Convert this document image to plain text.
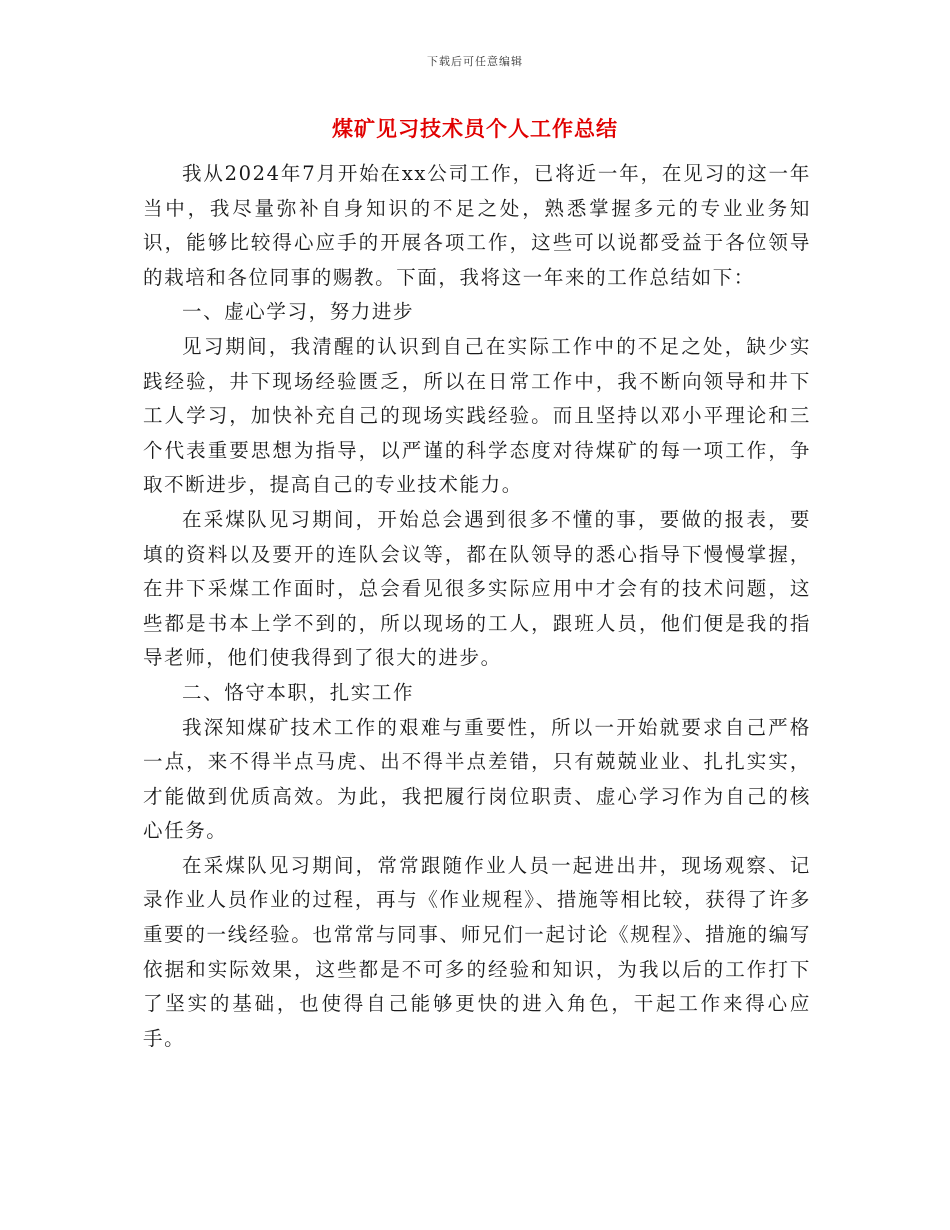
下载后可任意编辑
煤矿见习技术员个人工作总结

我从2024年7月开始在xx公司工作，已将近一年，在见习的这一年当中，我尽量弥补自身知识的不足之处，熟悉掌握多元的专业业务知识，能够比较得心应手的开展各项工作，这些可以说都受益于各位领导的栽培和各位同事的赐教。下面，我将这一年来的工作总结如下：

一、虚心学习，努力进步

见习期间，我清醒的认识到自己在实际工作中的不足之处，缺少实践经验，井下现场经验匮乏，所以在日常工作中，我不断向领导和井下工人学习，加快补充自己的现场实践经验。而且坚持以邓小平理论和三个代表重要思想为指导，以严谨的科学态度对待煤矿的每一项工作，争取不断进步，提高自己的专业技术能力。

在采煤队见习期间，开始总会遇到很多不懂的事，要做的报表，要填的资料以及要开的连队会议等，都在队领导的悉心指导下慢慢掌握，在井下采煤工作面时，总会看见很多实际应用中才会有的技术问题，这些都是书本上学不到的，所以现场的工人，跟班人员，他们便是我的指导老师，他们使我得到了很大的进步。

二、恪守本职，扎实工作

我深知煤矿技术工作的艰难与重要性，所以一开始就要求自己严格一点，来不得半点马虎、出不得半点差错，只有兢兢业业、扎扎实实，才能做到优质高效。为此，我把履行岗位职责、虚心学习作为自己的核心任务。

在采煤队见习期间，常常跟随作业人员一起进出井，现场观察、记录作业人员作业的过程，再与《作业规程》、措施等相比较，获得了许多重要的一线经验。也常常与同事、师兄们一起讨论《规程》、措施的编写依据和实际效果，这些都是不可多的经验和知识，为我以后的工作打下了坚实的基础，也使得自己能够更快的进入角色，干起工作来得心应手。
